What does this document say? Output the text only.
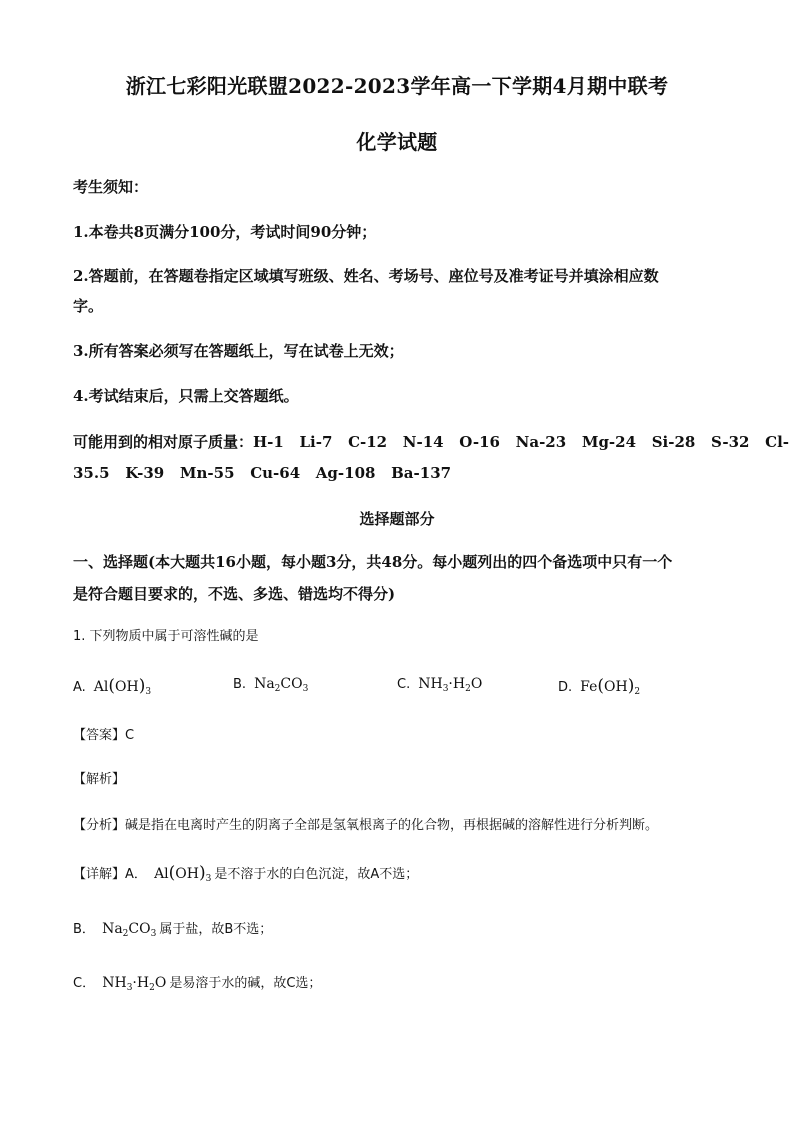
浙江七彩阳光联盟2022-2023学年高一下学期4月期中联考
化学试题
考生须知：
1.本卷共8页满分100分，考试时间90分钟；
2.答题前，在答题卷指定区域填写班级、姓名、考场号、座位号及准考证号并填涂相应数
字。
3.所有答案必须写在答题纸上，写在试卷上无效；
4.考试结束后，只需上交答题纸。
可能用到的相对原子质量：H-1   Li-7   C-12   N-14   O-16   Na-23   Mg-24   Si-28   S-32   Cl-
35.5   K-39   Mn-55   Cu-64   Ag-108   Ba-137
选择题部分
一、选择题(本大题共16小题，每小题3分，共48分。每小题列出的四个备选项中只有一个
是符合题目要求的，不选、多选、错选均不得分)
1. 下列物质中属于可溶性碱的是
A. $Al(OH)_3$	B. $Na_2CO_3$	C. $NH_3\cdot H_2O$	D. $Fe(OH)_2$
【答案】C
【解析】
【分析】碱是指在电离时产生的阴离子全部是氢氧根离子的化合物，再根据碱的溶解性进行分析判断。
【详解】A． $Al(OH)_3$ 是不溶于水的白色沉淀，故A不选；
B． $Na_2CO_3$ 属于盐，故B不选；
C． $NH_3\cdot H_2O$ 是易溶于水的碱，故C选；
